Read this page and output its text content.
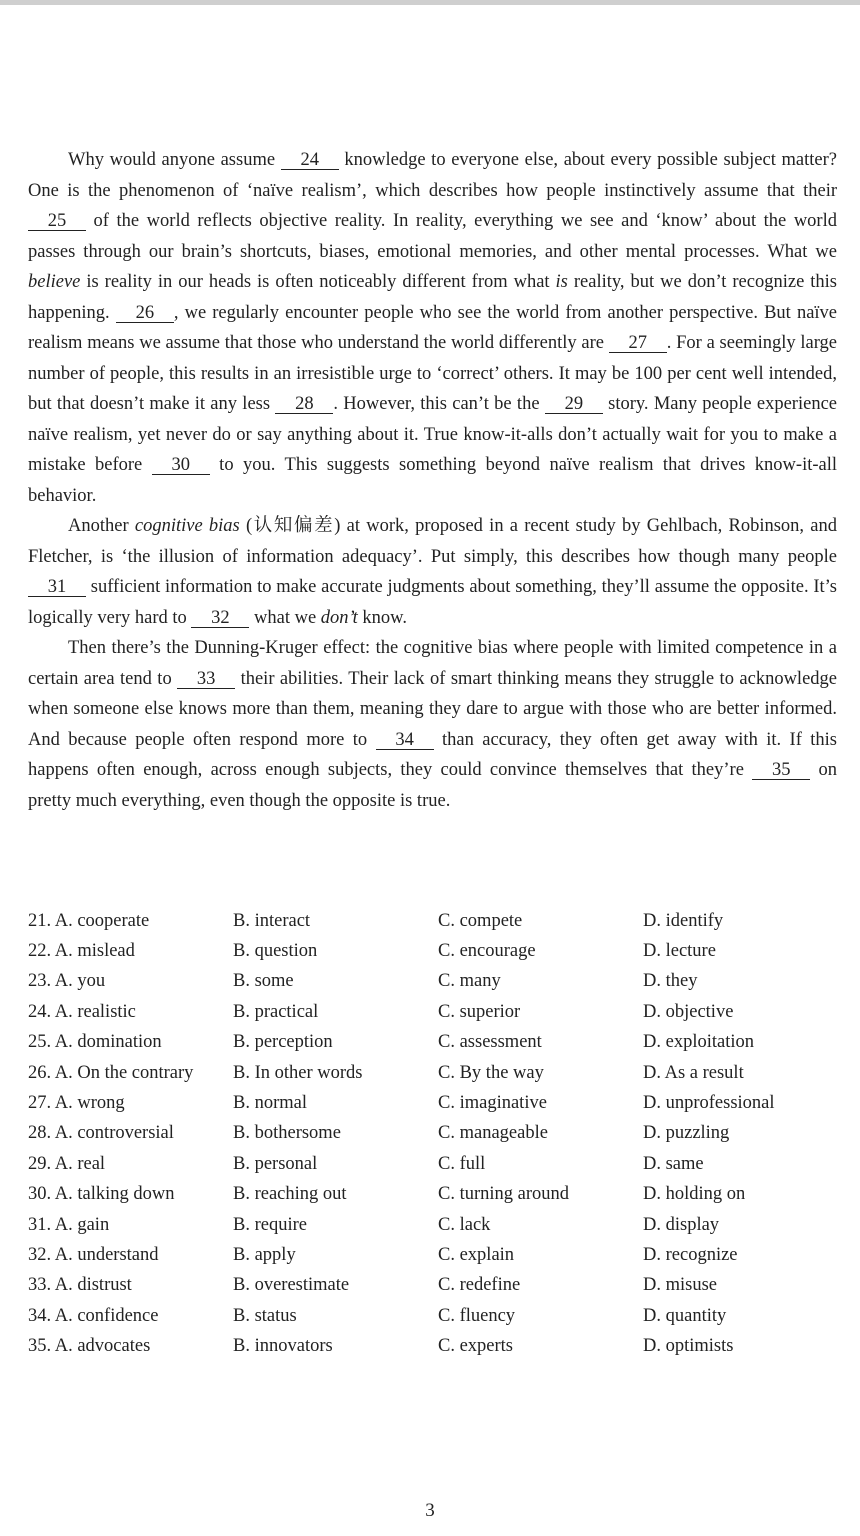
Why would anyone assume 24 knowledge to everyone else, about every possible subject matter? One is the phenomenon of ‘naïve realism’, which describes how people instinctively assume that their 25 of the world reflects objective reality. In reality, everything we see and ‘know’ about the world passes through our brain’s shortcuts, biases, emotional memories, and other mental processes. What we believe is reality in our heads is often noticeably different from what is reality, but we don’t recognize this happening. 26 , we regularly encounter people who see the world from another perspective. But naïve realism means we assume that those who understand the world differently are 27 . For a seemingly large number of people, this results in an irresistible urge to ‘correct’ others. It may be 100 per cent well intended, but that doesn’t make it any less 28 . However, this can’t be the 29 story. Many people experience naïve realism, yet never do or say anything about it. True know-it-alls don’t actually wait for you to make a mistake before 30 to you. This suggests something beyond naïve realism that drives know-it-all behavior.

Another cognitive bias (认知偏差) at work, proposed in a recent study by Gehlbach, Robinson, and Fletcher, is ‘the illusion of information adequacy’. Put simply, this describes how though many people 31 sufficient information to make accurate judgments about something, they’ll assume the opposite. It’s logically very hard to 32 what we don’t know.

Then there’s the Dunning-Kruger effect: the cognitive bias where people with limited competence in a certain area tend to 33 their abilities. Their lack of smart thinking means they struggle to acknowledge when someone else knows more than them, meaning they dare to argue with those who are better informed. And because people often respond more to 34 than accuracy, they often get away with it. If this happens often enough, across enough subjects, they could convince themselves that they’re 35 on pretty much everything, even though the opposite is true.

21. A. cooperate	B. interact	C. compete	D. identify
22. A. mislead	B. question	C. encourage	D. lecture
23. A. you	B. some	C. many	D. they
24. A. realistic	B. practical	C. superior	D. objective
25. A. domination	B. perception	C. assessment	D. exploitation
26. A. On the contrary	B. In other words	C. By the way	D. As a result
27. A. wrong	B. normal	C. imaginative	D. unprofessional
28. A. controversial	B. bothersome	C. manageable	D. puzzling
29. A. real	B. personal	C. full	D. same
30. A. talking down	B. reaching out	C. turning around	D. holding on
31. A. gain	B. require	C. lack	D. display
32. A. understand	B. apply	C. explain	D. recognize
33. A. distrust	B. overestimate	C. redefine	D. misuse
34. A. confidence	B. status	C. fluency	D. quantity
35. A. advocates	B. innovators	C. experts	D. optimists
3
